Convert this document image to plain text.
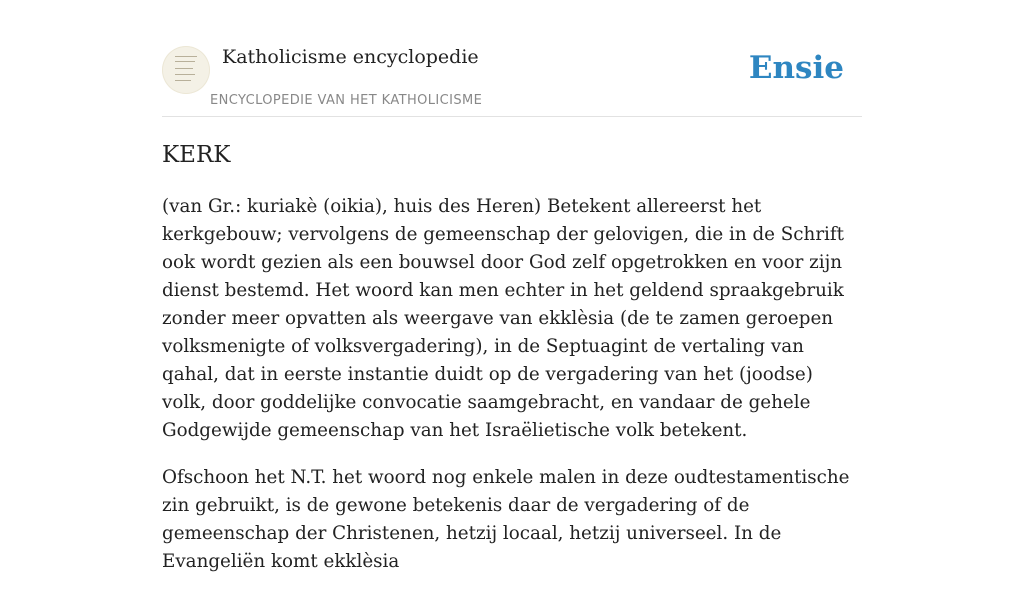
Katholicisme encyclopedie
ENCYCLOPEDIE VAN HET KATHOLICISME
Ensie
KERK

(van Gr.: kuriakè (oikia), huis des Heren) Betekent allereerst het kerkgebouw; vervolgens de gemeenschap der gelovigen, die in de Schrift ook wordt gezien als een bouwsel door God zelf opgetrokken en voor zijn dienst bestemd. Het woord kan men echter in het geldend spraakgebruik zonder meer opvatten als weergave van ekklèsia (de te zamen geroepen volksmenigte of volksvergadering), in de Septuagint de vertaling van qahal, dat in eerste instantie duidt op de vergadering van het (joodse) volk, door goddelijke convocatie saamgebracht, en vandaar de gehele Godgewijde gemeenschap van het Israëlietische volk betekent.

Ofschoon het N.T. het woord nog enkele malen in deze oudtestamentische zin gebruikt, is de gewone betekenis daar de vergadering of de gemeenschap der Christenen, hetzij locaal, hetzij universeel. In de Evangeliën komt ekklèsia
